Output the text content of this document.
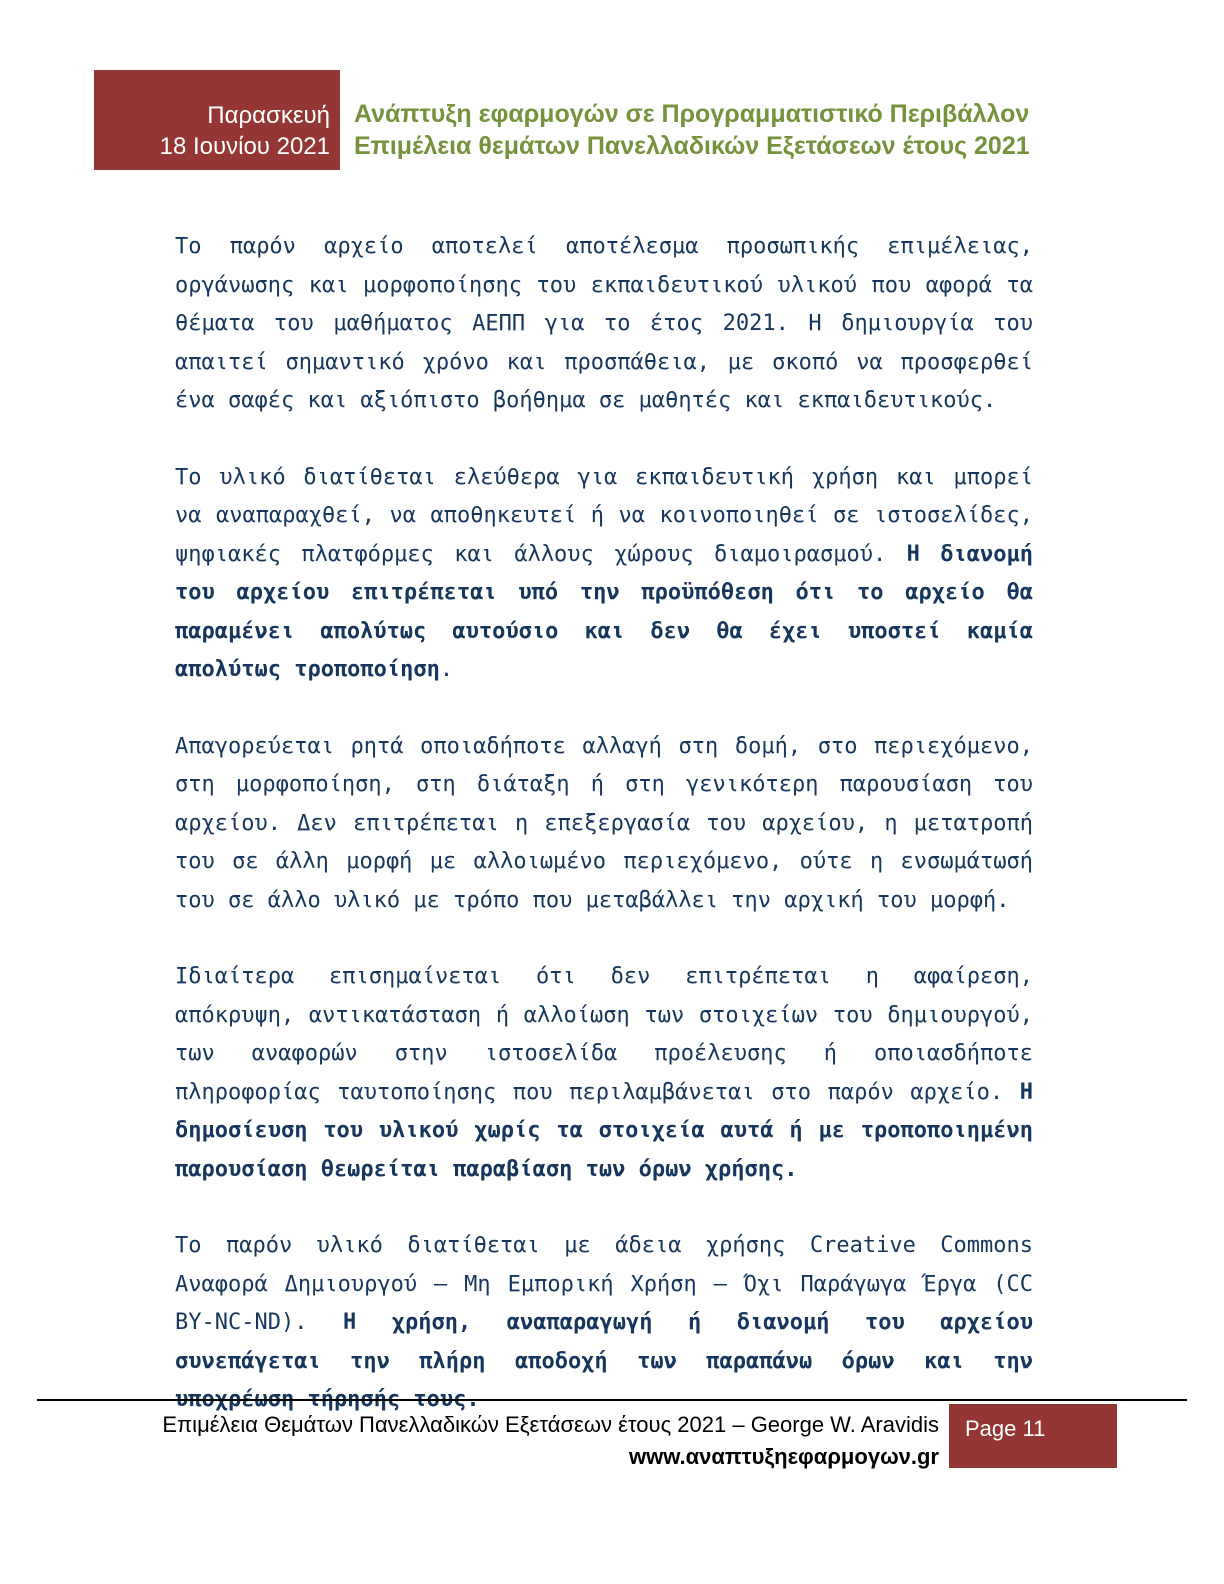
Παρασκευή
18 Ιουνίου 2021
Ανάπτυξη εφαρμογών σε Προγραμματιστικό Περιβάλλον
Επιμέλεια θεμάτων Πανελλαδικών Εξετάσεων έτους 2021

Το παρόν αρχείο αποτελεί αποτέλεσμα προσωπικής επιμέλειας, οργάνωσης και μορφοποίησης του εκπαιδευτικού υλικού που αφορά τα θέματα του μαθήματος ΑΕΠΠ για το έτος 2021. Η δημιουργία του απαιτεί σημαντικό χρόνο και προσπάθεια, με σκοπό να προσφερθεί ένα σαφές και αξιόπιστο βοήθημα σε μαθητές και εκπαιδευτικούς.

Το υλικό διατίθεται ελεύθερα για εκπαιδευτική χρήση και μπορεί να αναπαραχθεί, να αποθηκευτεί ή να κοινοποιηθεί σε ιστοσελίδες, ψηφιακές πλατφόρμες και άλλους χώρους διαμοιρασμού. Η διανομή του αρχείου επιτρέπεται υπό την προϋπόθεση ότι το αρχείο θα παραμένει απολύτως αυτούσιο και δεν θα έχει υποστεί καμία απολύτως τροποποίηση.

Απαγορεύεται ρητά οποιαδήποτε αλλαγή στη δομή, στο περιεχόμενο, στη μορφοποίηση, στη διάταξη ή στη γενικότερη παρουσίαση του αρχείου. Δεν επιτρέπεται η επεξεργασία του αρχείου, η μετατροπή του σε άλλη μορφή με αλλοιωμένο περιεχόμενο, ούτε η ενσωμάτωσή του σε άλλο υλικό με τρόπο που μεταβάλλει την αρχική του μορφή.

Ιδιαίτερα επισημαίνεται ότι δεν επιτρέπεται η αφαίρεση, απόκρυψη, αντικατάσταση ή αλλοίωση των στοιχείων του δημιουργού, των αναφορών στην ιστοσελίδα προέλευσης ή οποιασδήποτε πληροφορίας ταυτοποίησης που περιλαμβάνεται στο παρόν αρχείο. Η δημοσίευση του υλικού χωρίς τα στοιχεία αυτά ή με τροποποιημένη παρουσίαση θεωρείται παραβίαση των όρων χρήσης.

Το παρόν υλικό διατίθεται με άδεια χρήσης Creative Commons Αναφορά Δημιουργού – Μη Εμπορική Χρήση – Όχι Παράγωγα Έργα (CC BY-NC-ND). Η χρήση, αναπαραγωγή ή διανομή του αρχείου συνεπάγεται την πλήρη αποδοχή των παραπάνω όρων και την υποχρέωση τήρησής τους.

Επιμέλεια Θεμάτων Πανελλαδικών Εξετάσεων έτους 2021 – George W. Aravidis
www.αναπτυξηεφαρμογων.gr
Page 11
